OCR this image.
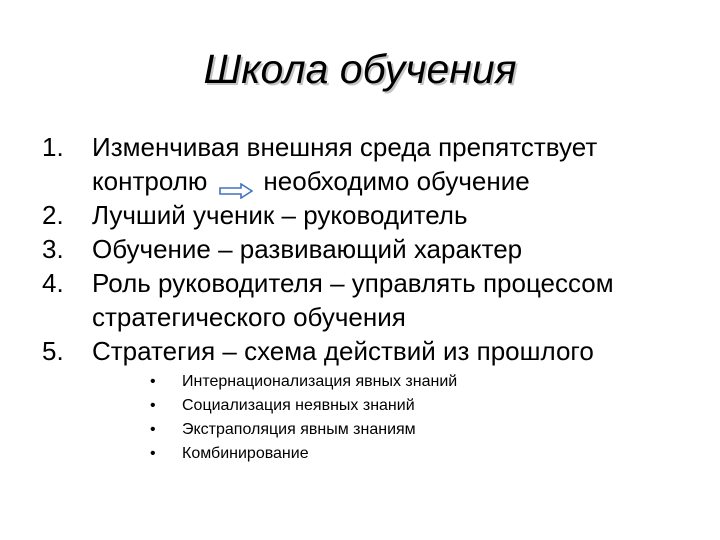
Школа обучения
1. Изменчивая внешняя среда препятствует
контролю необходимо обучение
2. Лучший ученик – руководитель
3. Обучение – развивающий характер
4. Роль руководителя – управлять процессом стратегического обучения
5. Стратегия – схема действий из прошлого
• Интернационализация явных знаний
• Социализация неявных знаний
• Экстраполяция явным знаниям
• Комбинирование
